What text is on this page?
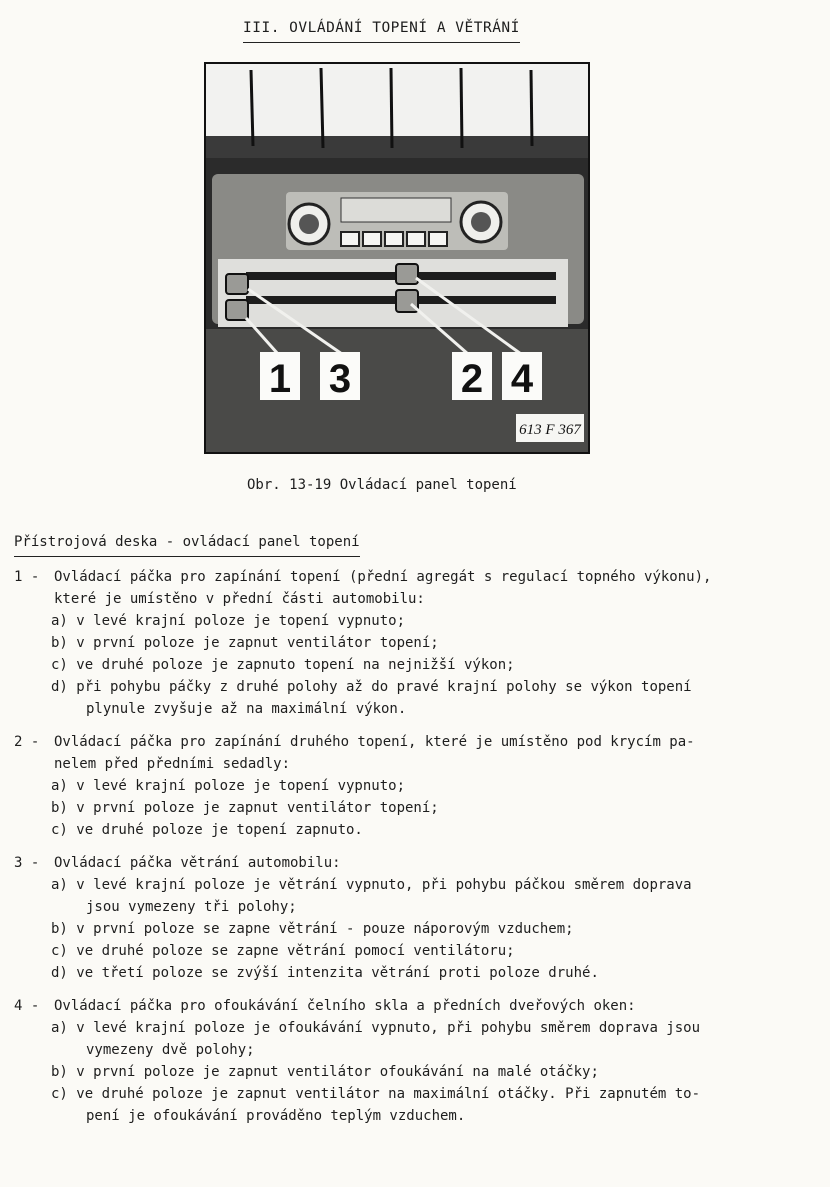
III. OVLÁDÁNÍ TOPENÍ A VĚTRÁNÍ
1 3	2 4
613 F 367
Obr. 13-19 Ovládací panel topení
Přístrojová deska - ovládací panel topení
1 -	Ovládací páčka pro zapínání topení (přední agregát s regulací topného výkonu),
které je umístěno v přední části automobilu:
a) v levé krajní poloze je topení vypnuto;
b) v první poloze je zapnut ventilátor topení;
c) ve druhé poloze je zapnuto topení na nejnižší výkon;
d) při pohybu páčky z druhé polohy až do pravé krajní polohy se výkon topení
plynule zvyšuje až na maximální výkon.
2 -	Ovládací páčka pro zapínání druhého topení, které je umístěno pod krycím pa-
nelem před předními sedadly:
a) v levé krajní poloze je topení vypnuto;
b) v první poloze je zapnut ventilátor topení;
c) ve druhé poloze je topení zapnuto.
3 -	Ovládací páčka větrání automobilu:
a) v levé krajní poloze je větrání vypnuto, při pohybu páčkou směrem doprava
jsou vymezeny tři polohy;
b) v první poloze se zapne větrání - pouze náporovým vzduchem;
c) ve druhé poloze se zapne větrání pomocí ventilátoru;
d) ve třetí poloze se zvýší intenzita větrání proti poloze druhé.
4 -	Ovládací páčka pro ofoukávání čelního skla a předních dveřových oken:
a) v levé krajní poloze je ofoukávání vypnuto, při pohybu směrem doprava jsou
vymezeny dvě polohy;
b) v první poloze je zapnut ventilátor ofoukávání na malé otáčky;
c) ve druhé poloze je zapnut ventilátor na maximální otáčky. Při zapnutém to-
pení je ofoukávání prováděno teplým vzduchem.
